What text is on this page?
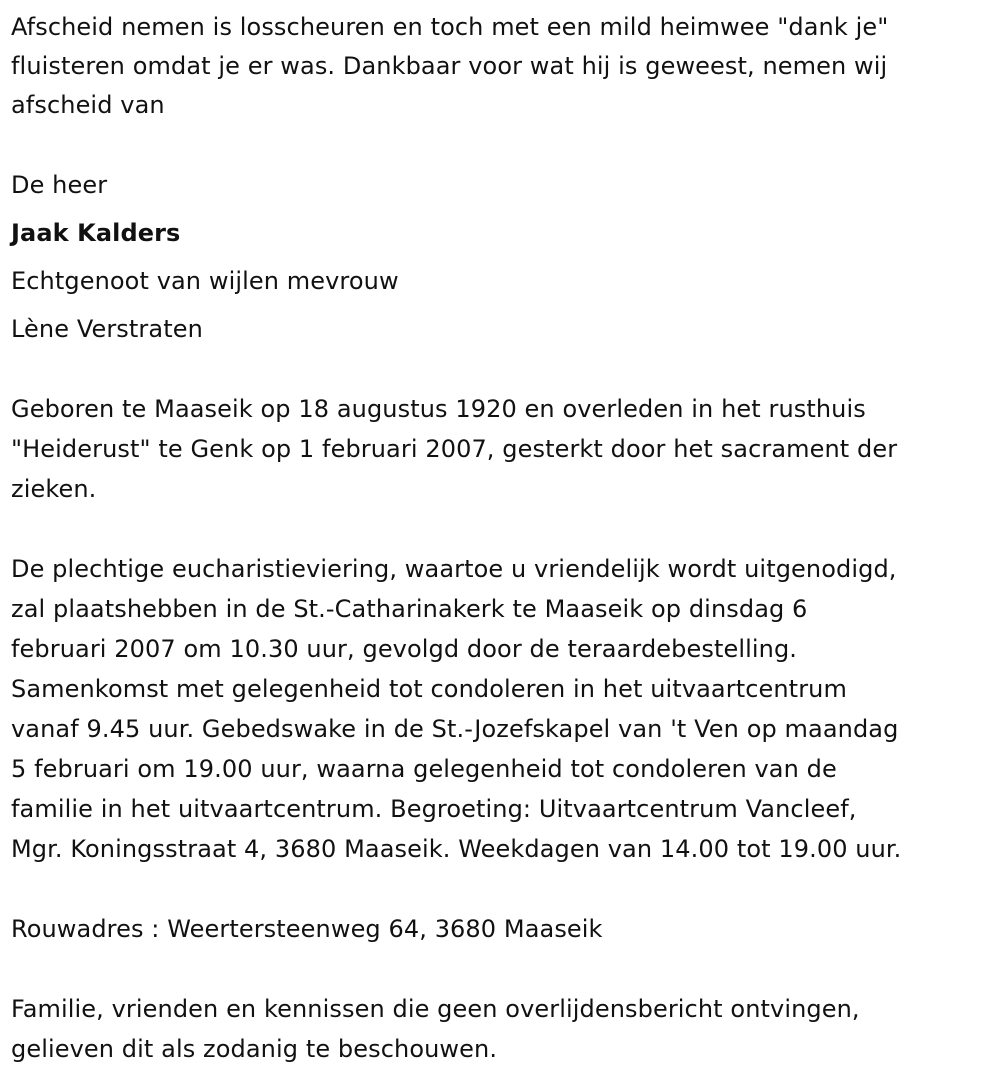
Afscheid nemen is losscheuren en toch met een mild heimwee "dank je"
fluisteren omdat je er was. Dankbaar voor wat hij is geweest, nemen wij
afscheid van
De heer
Jaak Kalders
Echtgenoot van wijlen mevrouw
Lène Verstraten
Geboren te Maaseik op 18 augustus 1920 en overleden in het rusthuis
"Heiderust" te Genk op 1 februari 2007, gesterkt door het sacrament der
zieken.
De plechtige eucharistieviering, waartoe u vriendelijk wordt uitgenodigd,
zal plaatshebben in de St.-Catharinakerk te Maaseik op dinsdag 6
februari 2007 om 10.30 uur, gevolgd door de teraardebestelling.
Samenkomst met gelegenheid tot condoleren in het uitvaartcentrum
vanaf 9.45 uur. Gebedswake in de St.-Jozefskapel van 't Ven op maandag
5 februari om 19.00 uur, waarna gelegenheid tot condoleren van de
familie in het uitvaartcentrum. Begroeting: Uitvaartcentrum Vancleef,
Mgr. Koningsstraat 4, 3680 Maaseik. Weekdagen van 14.00 tot 19.00 uur.
Rouwadres : Weertersteenweg 64, 3680 Maaseik
Familie, vrienden en kennissen die geen overlijdensbericht ontvingen,
gelieven dit als zodanig te beschouwen.
